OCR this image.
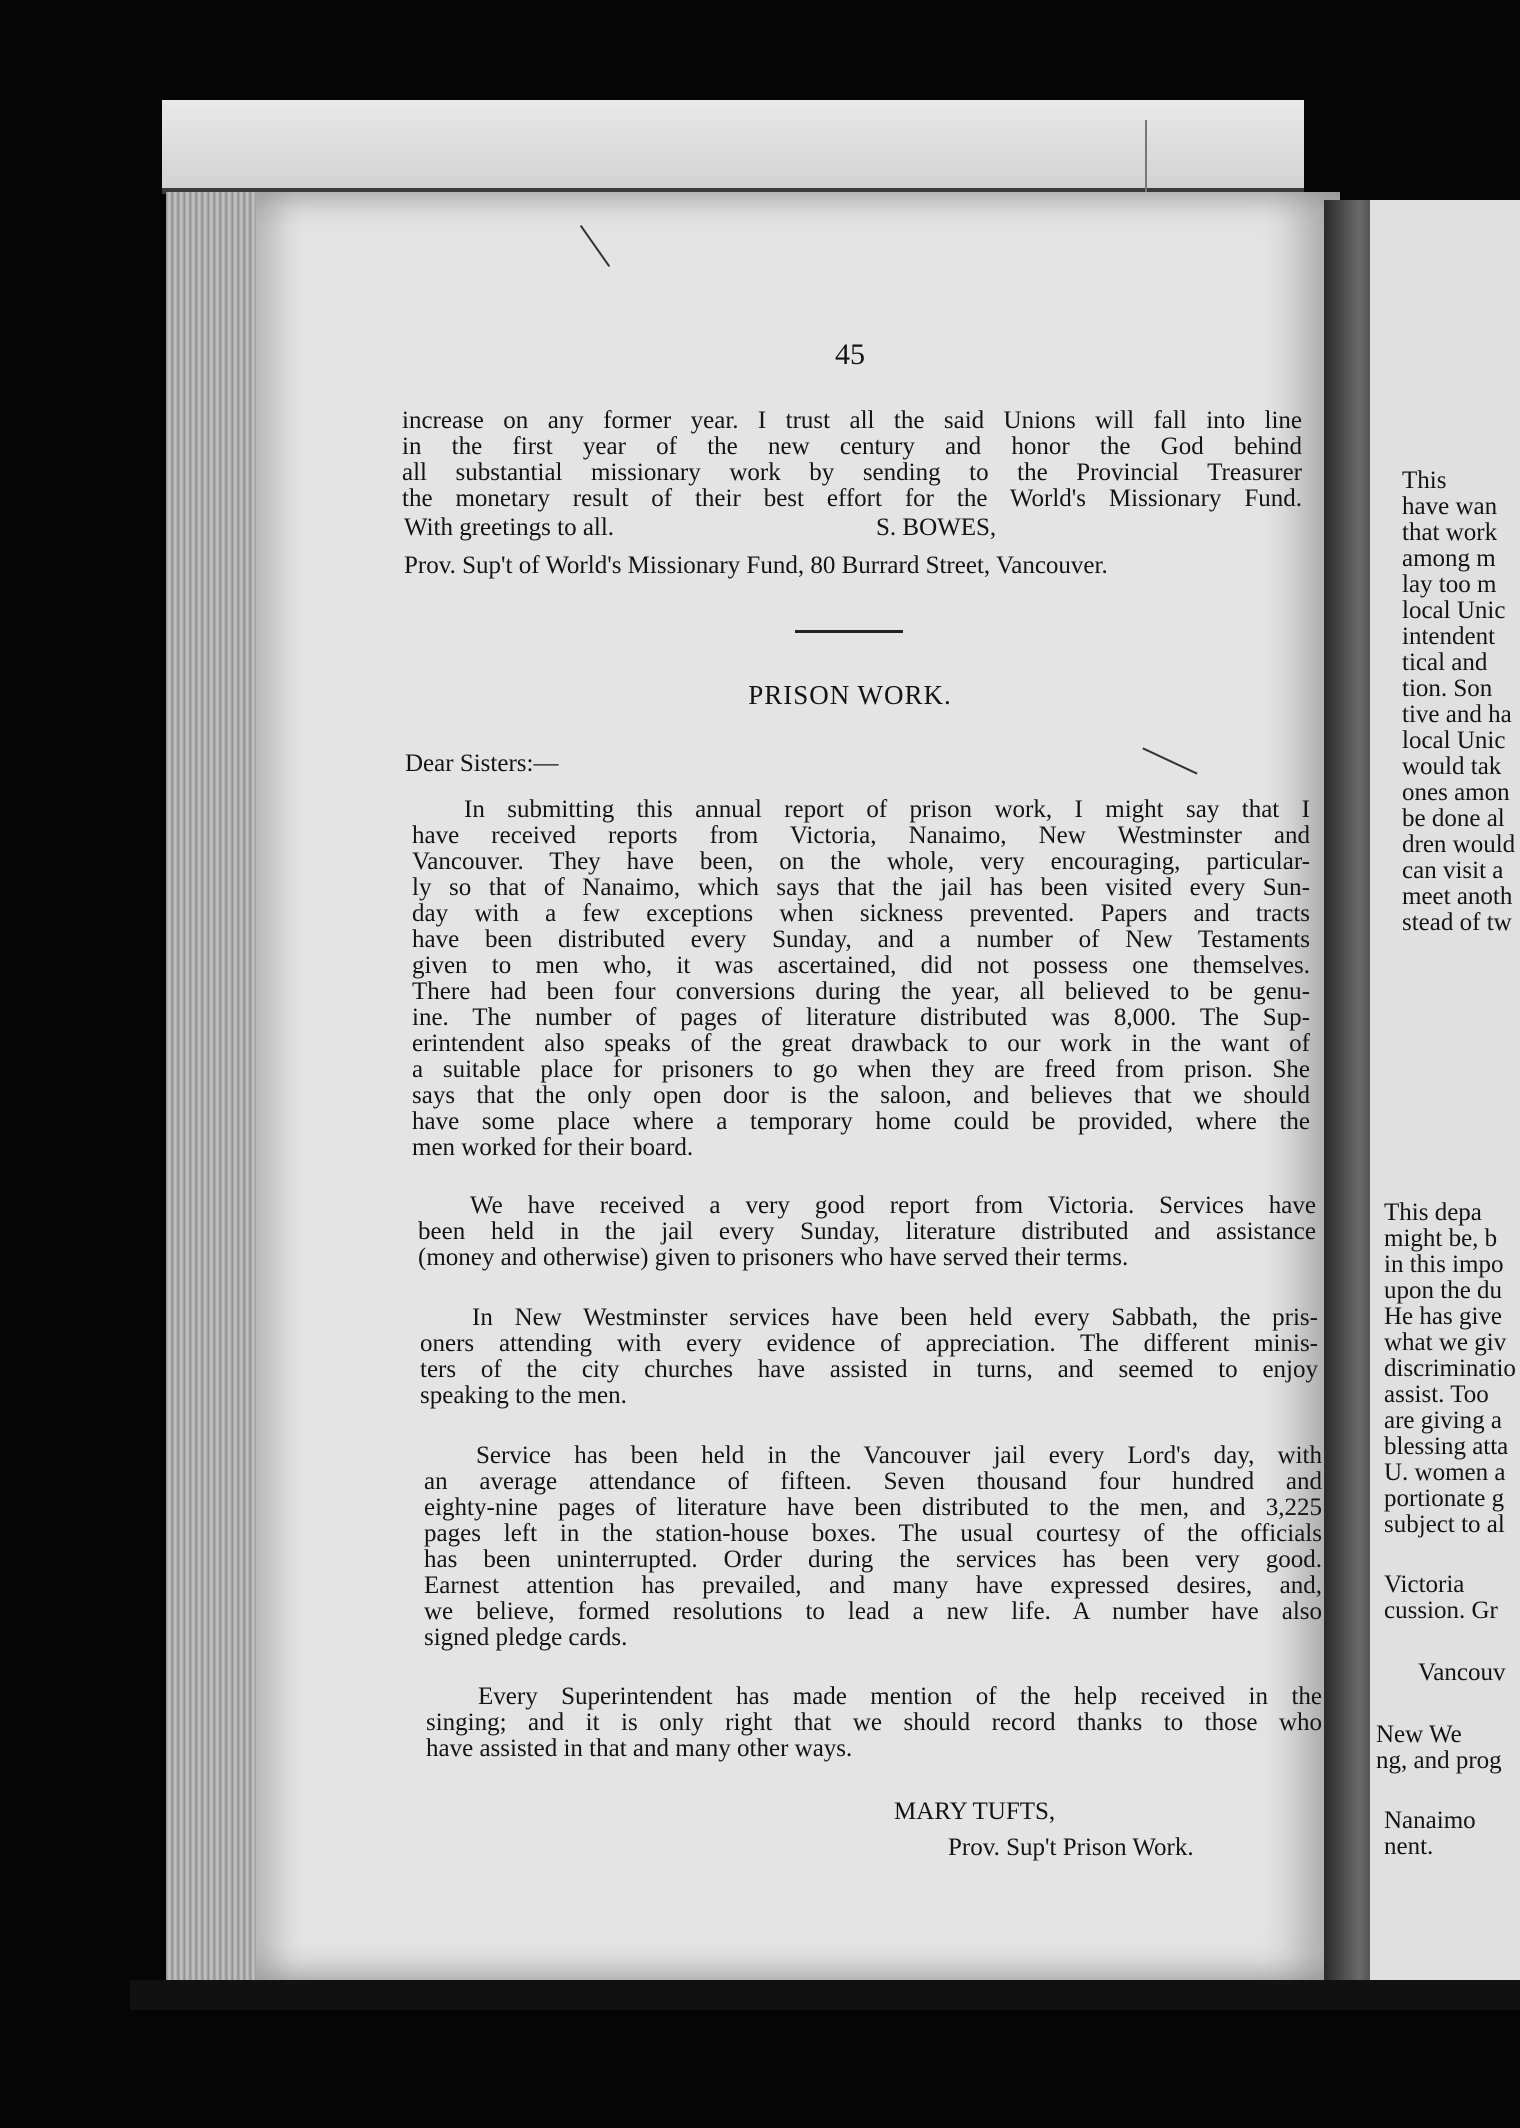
45
increase on any former year. I trust all the said Unions will fall into line
in the first year of the new century and honor the God behind
all substantial missionary work by sending to the Provincial Treasurer
the monetary result of their best effort for the World's Missionary Fund.
With greetings to all.	S. BOWES,
Prov. Sup't of World's Missionary Fund, 80 Burrard Street, Vancouver.
PRISON WORK.
Dear Sisters:—
In submitting this annual report of prison work, I might say that I
have received reports from Victoria, Nanaimo, New Westminster and
Vancouver. They have been, on the whole, very encouraging, particular-
ly so that of Nanaimo, which says that the jail has been visited every Sun-
day with a few exceptions when sickness prevented. Papers and tracts
have been distributed every Sunday, and a number of New Testaments
given to men who, it was ascertained, did not possess one themselves.
There had been four conversions during the year, all believed to be genu-
ine. The number of pages of literature distributed was 8,000. The Sup-
erintendent also speaks of the great drawback to our work in the want of
a suitable place for prisoners to go when they are freed from prison. She
says that the only open door is the saloon, and believes that we should
have some place where a temporary home could be provided, where the
men worked for their board.
We have received a very good report from Victoria. Services have
been held in the jail every Sunday, literature distributed and assistance
(money and otherwise) given to prisoners who have served their terms.
In New Westminster services have been held every Sabbath, the pris-
oners attending with every evidence of appreciation. The different minis-
ters of the city churches have assisted in turns, and seemed to enjoy
speaking to the men.
Service has been held in the Vancouver jail every Lord's day, with
an average attendance of fifteen. Seven thousand four hundred and
eighty-nine pages of literature have been distributed to the men, and 3,225
pages left in the station-house boxes. The usual courtesy of the officials
has been uninterrupted. Order during the services has been very good.
Earnest attention has prevailed, and many have expressed desires, and,
we believe, formed resolutions to lead a new life. A number have also
signed pledge cards.
Every Superintendent has made mention of the help received in the
singing; and it is only right that we should record thanks to those who
have assisted in that and many other ways.
MARY TUFTS,
Prov. Sup't Prison Work.
This
have wan
that work
among m
lay too m
local Unic
intendent
tical and
tion. Son
tive and ha
local Unic
would tak
ones amon
be done al
dren would
can visit a
meet anoth
stead of tw
This depa
might be, b
in this impo
upon the du
He has give
what we giv
discriminatio
assist. Too
are giving a
blessing atta
U. women a
portionate g
subject to al
Victoria
cussion. Gr
Vancouv
New We
ng, and prog
Nanaimo
nent.
